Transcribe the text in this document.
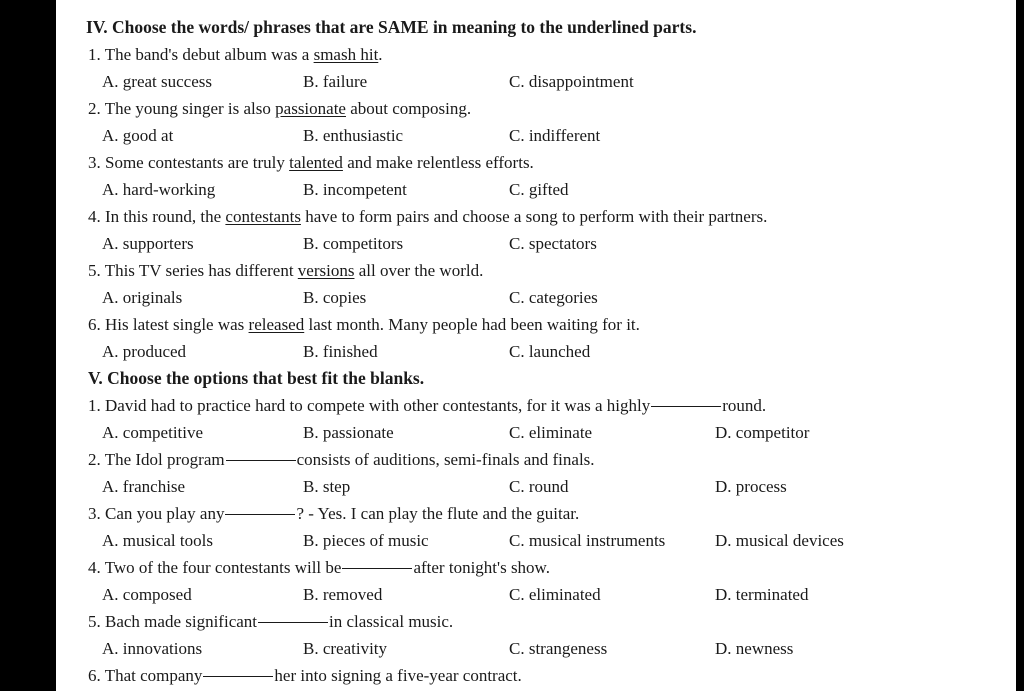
IV. Choose the words/ phrases that are SAME in meaning to the underlined parts.
1. The band's debut album was a smash hit.
A. great success	B. failure	C. disappointment
2. The young singer is also passionate about composing.
A. good at	B. enthusiastic	C. indifferent
3. Some contestants are truly talented and make relentless efforts.
A. hard-working	B. incompetent	C. gifted
4. In this round, the contestants have to form pairs and choose a song to perform with their partners.
A. supporters	B. competitors	C. spectators
5. This TV series has different versions all over the world.
A. originals	B. copies	C. categories
6. His latest single was released last month. Many people had been waiting for it.
A. produced	B. finished	C. launched
V. Choose the options that best fit the blanks.
1. David had to practice hard to compete with other contestants, for it was a highly	round.
A. competitive	B. passionate	C. eliminate	D. competitor
2. The Idol program	consists of auditions, semi-finals and finals.
A. franchise	B. step	C. round	D. process
3. Can you play any	? - Yes. I can play the flute and the guitar.
A. musical tools	B. pieces of music	C. musical instruments	D. musical devices
4. Two of the four contestants will be	after tonight's show.
A. composed	B. removed	C. eliminated	D. terminated
5. Bach made significant	in classical music.
A. innovations	B. creativity	C. strangeness	D. newness
6. That company	her into signing a five-year contract.
